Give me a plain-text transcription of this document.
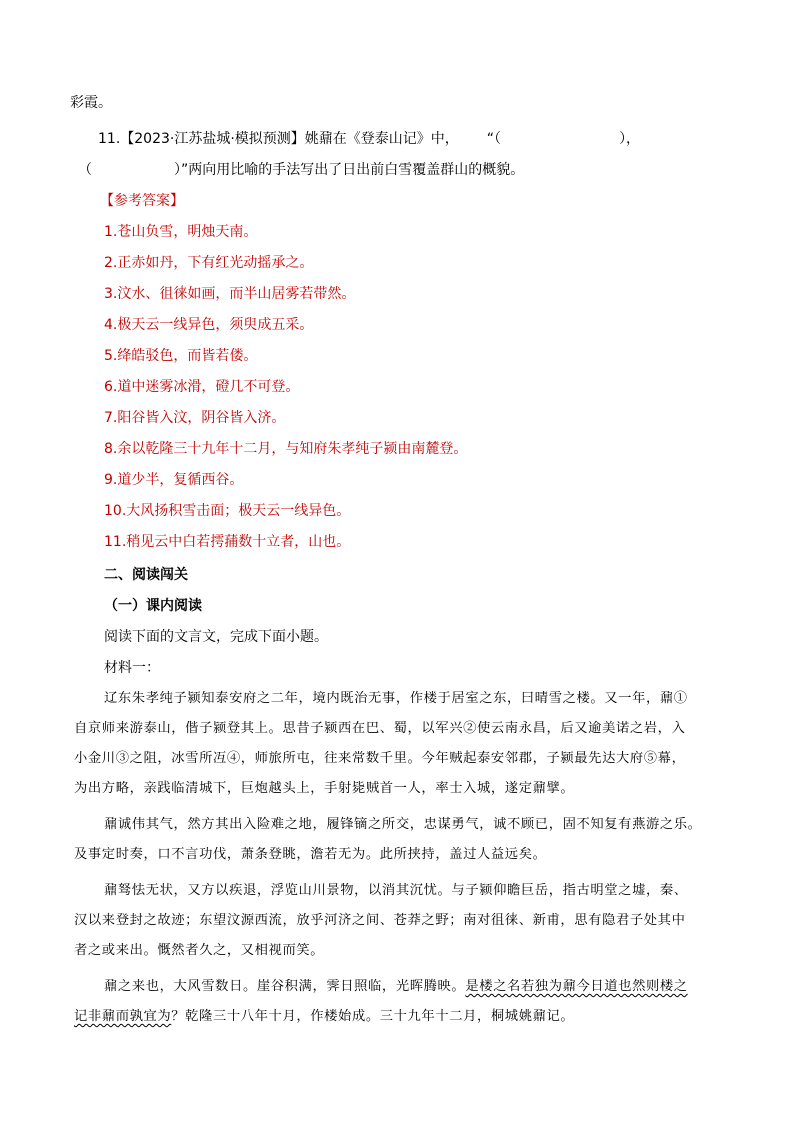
彩霞。
11.【2023·江苏盐城·模拟预测】姚鼐在《登泰山记》中， “（	），
（	）”两向用比喻的手法写出了日出前白雪覆盖群山的概貌。
【参考答案】
1.苍山负雪，明烛天南。
2.正赤如丹，下有红光动摇承之。
3.汶水、徂徕如画，而半山居雾若带然。
4.极天云一线异色，须臾成五采。
5.绛皓驳色，而皆若偻。
6.道中迷雾冰滑，磴几不可登。
7.阳谷皆入汶，阴谷皆入济。
8.余以乾隆三十九年十二月，与知府朱孝纯子颍由南麓登。
9.道少半，复循西谷。
10.大风扬积雪击面；极天云一线异色。
11.稍见云中白若摴蒱数十立者，山也。
二、阅读闯关
（一）课内阅读
阅读下面的文言文，完成下面小题。
材料一：
辽东朱孝纯子颍知泰安府之二年，境内既治无事，作楼于居室之东，曰晴雪之楼。又一年，鼐①
自京师来游泰山，偕子颍登其上。思昔子颍西在巴、蜀，以军兴②使云南永昌，后又逾美诺之岩，入
小金川③之阻，冰雪所冱④，师旅所屯，往来常数千里。今年贼起泰安邻郡，子颍最先达大府⑤幕，
为出方略，亲践临清城下，巨炮越头上，手射毙贼首一人，率士入城，遂定鼐擘。
鼐诚伟其气，然方其出入险难之地，履锋镝之所交，忠谋勇气，诚不顾已，固不知复有燕游之乐。
及事定时奏，口不言功伐，萧条登眺，澹若无为。此所挟持，盖过人益远矣。
鼐驽怯无状，又方以疾退，浮览山川景物，以消其沉忧。与子颍仰瞻巨岳，指古明堂之墟，秦、
汉以来登封之故迹；东望汶源西流，放乎河济之间、苍莽之野；南对徂徕、新甫，思有隐君子处其中
者之或来出。慨然者久之，又相视而笑。
鼐之来也，大风雪数日。崖谷积满，霁日照临，光晖腾映。是楼之名若独为鼐今日道也然则楼之
记非鼐而孰宜为？乾隆三十八年十月，作楼始成。三十九年十二月，桐城姚鼐记。
